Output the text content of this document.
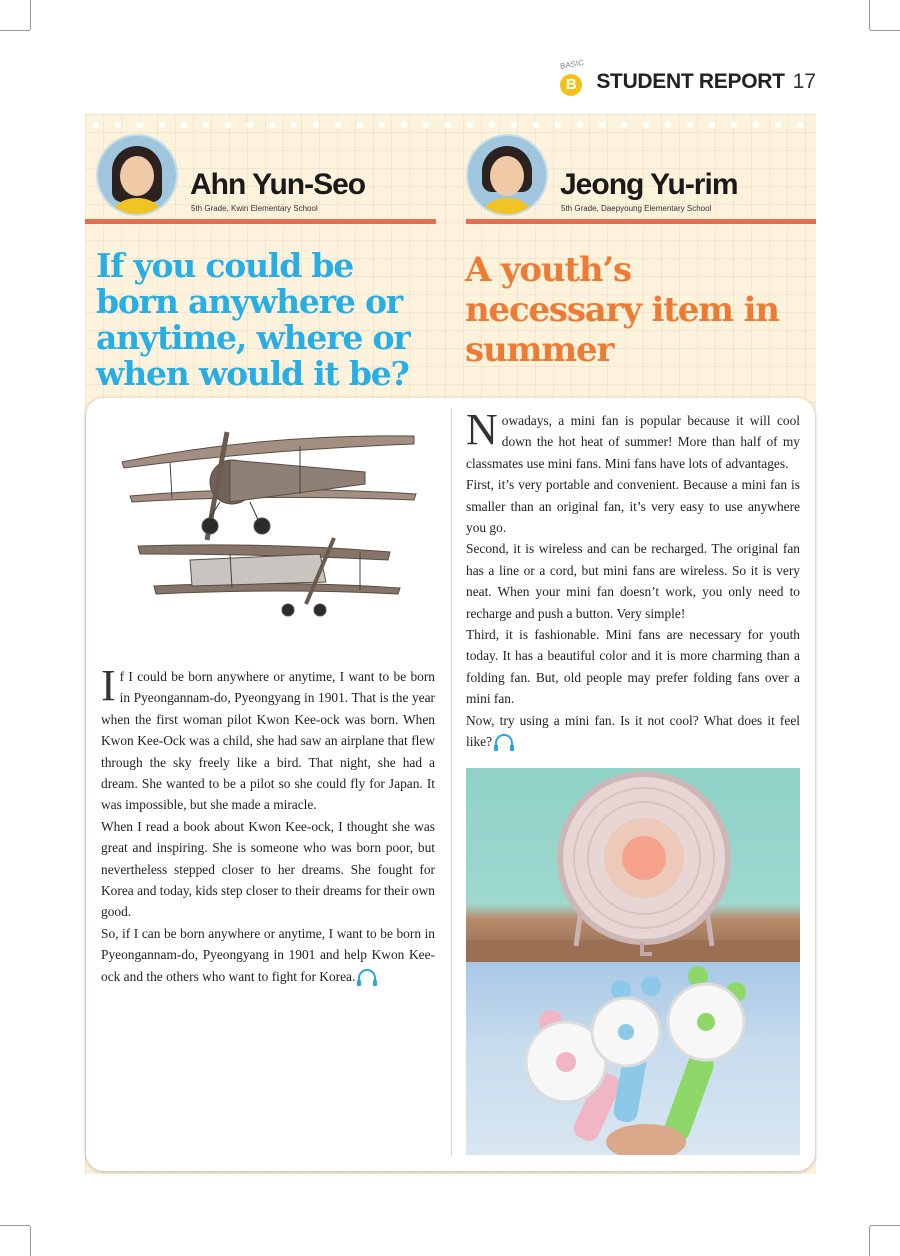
BASIC
B STUDENT REPORT 17
Ahn Yun-Seo
5th Grade, Kwin Elementary School
Jeong Yu-rim
5th Grade, Daepyoung Elementary School
If you could be born anywhere or anytime, where or when would it be?
A youth’s necessary item in summer

If I could be born anywhere or anytime, I want to be born in Pyeongannam-do, Pyeongyang in 1901. That is the year when the first woman pilot Kwon Kee-ock was born. When Kwon Kee-Ock was a child, she had saw an airplane that flew through the sky freely like a bird. That night, she had a dream. She wanted to be a pilot so she could fly for Japan. It was impossible, but she made a miracle.

When I read a book about Kwon Kee-ock, I thought she was great and inspiring. She is someone who was born poor, but nevertheless stepped closer to her dreams. She fought for Korea and today, kids step closer to their dreams for their own good.

So, if I can be born anywhere or anytime, I want to be born in Pyeongannam-do, Pyeongyang in 1901 and help Kwon Kee-ock and the others who want to fight for Korea.

Nowadays, a mini fan is popular because it will cool down the hot heat of summer! More than half of my classmates use mini fans. Mini fans have lots of advantages.

First, it’s very portable and convenient. Because a mini fan is smaller than an original fan, it’s very easy to use anywhere you go.

Second, it is wireless and can be recharged. The original fan has a line or a cord, but mini fans are wireless. So it is very neat. When your mini fan doesn’t work, you only need to recharge and push a button. Very simple!

Third, it is fashionable. Mini fans are necessary for youth today. It has a beautiful color and it is more charming than a folding fan. But, old people may prefer folding fans over a mini fan.

Now, try using a mini fan. Is it not cool? What does it feel like?
